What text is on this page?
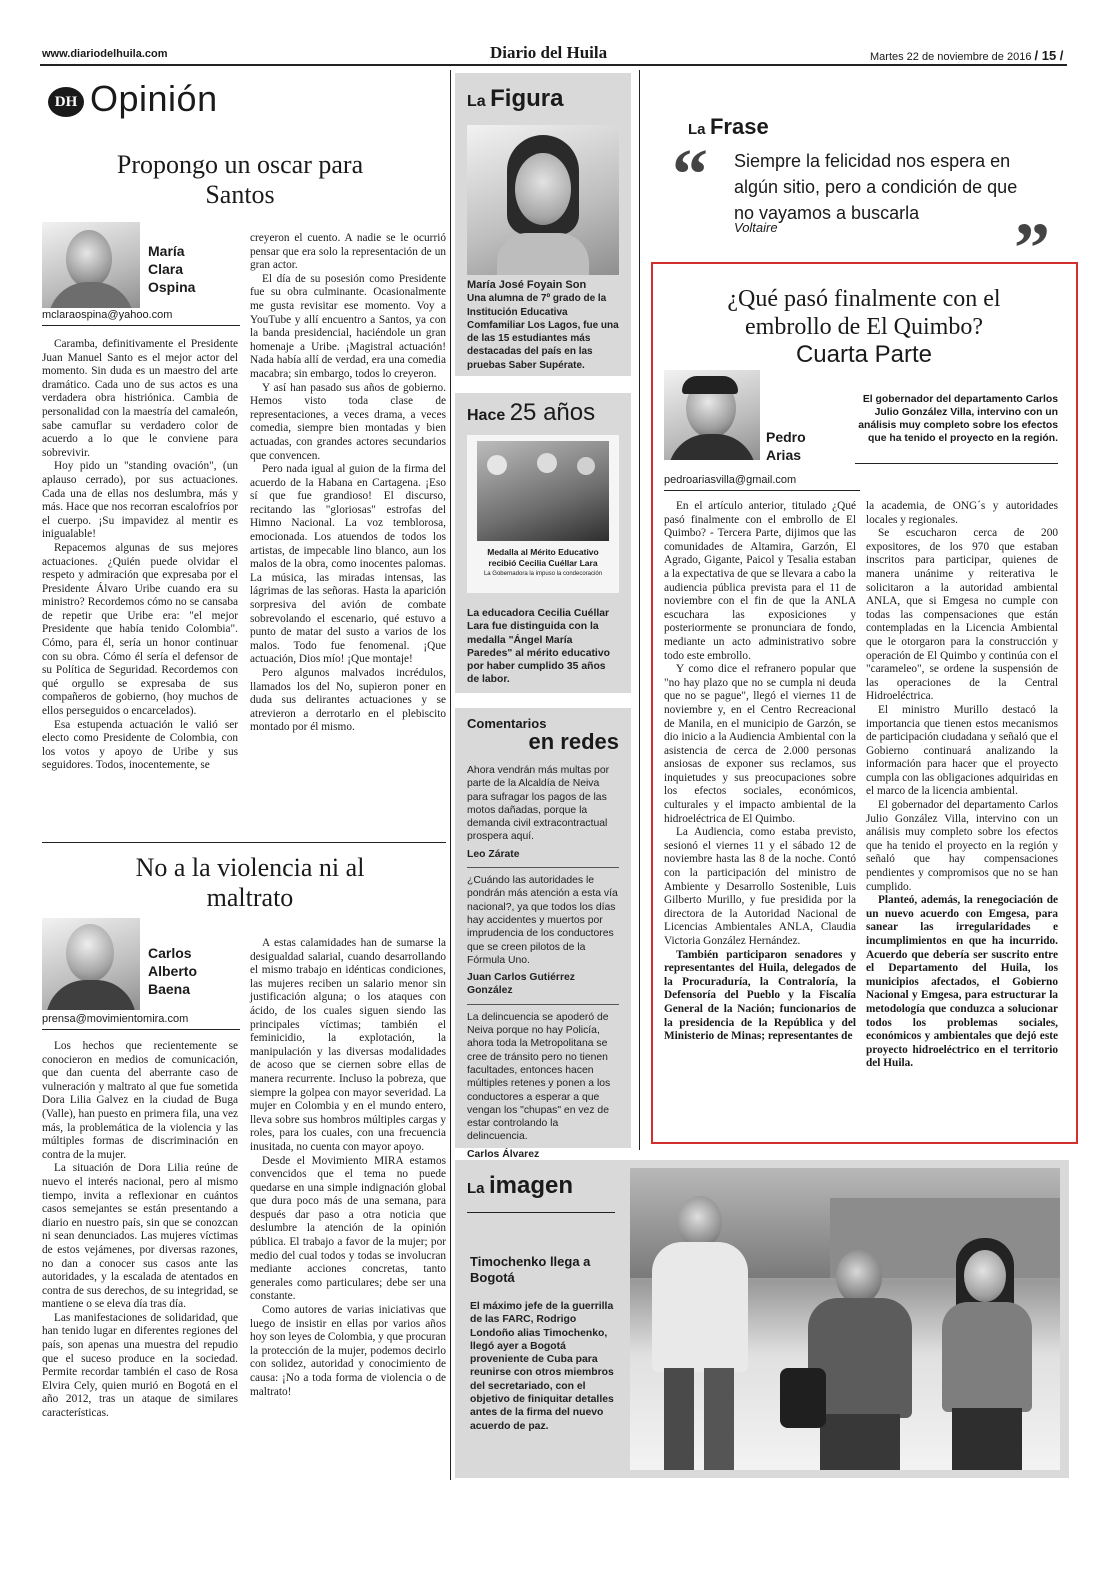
www.diariodelhuila.com	Diario del Huila	Martes 22 de noviembre de 2016 / 15 /
DH Opinión
Propongo un oscar para Santos
María
Clara
Ospina
mclaraospina@yahoo.com

Caramba, definitivamente el Presidente Juan Manuel Santo es el mejor actor del momento. Sin duda es un maestro del arte dramático. Cada uno de sus actos es una verdadera obra histriónica. Cambia de personalidad con la maestría del camaleón, sabe camuflar su verdadero color de acuerdo a lo que le conviene para sobrevivir.

Hoy pido un "standing ovación", (un aplauso cerrado), por sus actuaciones. Cada una de ellas nos deslumbra, más y más. Hace que nos recorran escalofríos por el cuerpo. ¡Su impavidez al mentir es inigualable!

Repacemos algunas de sus mejores actuaciones. ¿Quién puede olvidar el respeto y admiración que expresaba por el Presidente Álvaro Uribe cuando era su ministro? Recordemos cómo no se cansaba de repetir que Uribe era: "el mejor Presidente que había tenido Colombia". Cómo, para él, sería un honor continuar con su obra. Cómo él sería el defensor de su Política de Seguridad. Recordemos con qué orgullo se expresaba de sus compañeros de gobierno, (hoy muchos de ellos perseguidos o encarcelados).

Esa estupenda actuación le valió ser electo como Presidente de Colombia, con los votos y apoyo de Uribe y sus seguidores. Todos, inocentemente, se

creyeron el cuento. A nadie se le ocurrió pensar que era solo la representación de un gran actor.

El día de su posesión como Presidente fue su obra culminante. Ocasionalmente me gusta revisitar ese momento. Voy a YouTube y allí encuentro a Santos, ya con la banda presidencial, haciéndole un gran homenaje a Uribe. ¡Magistral actuación! Nada había allí de verdad, era una comedia macabra; sin embargo, todos lo creyeron.

Y así han pasado sus años de gobierno. Hemos visto toda clase de representaciones, a veces drama, a veces comedia, siempre bien montadas y bien actuadas, con grandes actores secundarios que convencen.

Pero nada igual al guion de la firma del acuerdo de la Habana en Cartagena. ¡Eso sí que fue grandioso! El discurso, recitando las "gloriosas" estrofas del Himno Nacional. La voz temblorosa, emocionada. Los atuendos de todos los artistas, de impecable lino blanco, aun los malos de la obra, como inocentes palomas. La música, las miradas intensas, las lágrimas de las señoras. Hasta la aparición sorpresiva del avión de combate sobrevolando el escenario, qué estuvo a punto de matar del susto a varios de los malos. Todo fue fenomenal. ¡Que actuación, Dios mío! ¡Que montaje!

Pero algunos malvados incrédulos, llamados los del No, supieron poner en duda sus delirantes actuaciones y se atrevieron a derrotarlo en el plebiscito montado por él mismo.

No a la violencia ni al maltrato
Carlos
Alberto
Baena
prensa@movimientomira.com

Los hechos que recientemente se conocieron en medios de comunicación, que dan cuenta del aberrante caso de vulneración y maltrato al que fue sometida Dora Lilia Galvez en la ciudad de Buga (Valle), han puesto en primera fila, una vez más, la problemática de la violencia y las múltiples formas de discriminación en contra de la mujer.

La situación de Dora Lilia reúne de nuevo el interés nacional, pero al mismo tiempo, invita a reflexionar en cuántos casos semejantes se están presentando a diario en nuestro país, sin que se conozcan ni sean denunciados. Las mujeres víctimas de estos vejámenes, por diversas razones, no dan a conocer sus casos ante las autoridades, y la escalada de atentados en contra de sus derechos, de su integridad, se mantiene o se eleva día tras día.

Las manifestaciones de solidaridad, que han tenido lugar en diferentes regiones del país, son apenas una muestra del repudio que el suceso produce en la sociedad. Permite recordar también el caso de Rosa Elvira Cely, quien murió en Bogotá en el año 2012, tras un ataque de similares características.

A estas calamidades han de sumarse la desigualdad salarial, cuando desarrollando el mismo trabajo en idénticas condiciones, las mujeres reciben un salario menor sin justificación alguna; o los ataques con ácido, de los cuales siguen siendo las principales víctimas; también el feminicidio, la explotación, la manipulación y las diversas modalidades de acoso que se ciernen sobre ellas de manera recurrente. Incluso la pobreza, que siempre la golpea con mayor severidad. La mujer en Colombia y en el mundo entero, lleva sobre sus hombros múltiples cargas y roles, para los cuales, con una frecuencia inusitada, no cuenta con mayor apoyo.

Desde el Movimiento MIRA estamos convencidos que el tema no puede quedarse en una simple indignación global que dura poco más de una semana, para después dar paso a otra noticia que deslumbre la atención de la opinión pública. El trabajo a favor de la mujer; por medio del cual todos y todas se involucran mediante acciones concretas, tanto generales como particulares; debe ser una constante.

Como autores de varias iniciativas que luego de insistir en ellas por varios años hoy son leyes de Colombia, y que procuran la protección de la mujer, podemos decirlo con solidez, autoridad y conocimiento de causa: ¡No a toda forma de violencia o de maltrato!

La Figura
María José Foyain Son
Una alumna de 7º grado de la Institución Educativa Comfamiliar Los Lagos, fue una de las 15 estudiantes más destacadas del país en las pruebas Saber Supérate.
Hace 25 años
Medalla al Mérito Educativo
recibió Cecilia Cuéllar Lara
La Gobernadora la impuso la condecoración
La educadora Cecilia Cuéllar Lara fue distinguida con la medalla "Ángel María Paredes" al mérito educativo por haber cumplido 35 años de labor.
Comentarios
en redes

Ahora vendrán más multas por parte de la Alcaldía de Neiva para sufragar los pagos de las motos dañadas, porque la demanda civil extracontractual prospera aquí.

Leo Zárate

¿Cuándo las autoridades le pondrán más atención a esta vía nacional?, ya que todos los días hay accidentes y muertos por imprudencia de los conductores que se creen pilotos de la Fórmula Uno.

Juan Carlos Gutiérrez González

La delincuencia se apoderó de Neiva porque no hay Policía, ahora toda la Metropolitana se cree de tránsito pero no tienen facultades, entonces hacen múltiples retenes y ponen a los conductores a esperar a que vengan los "chupas" en vez de estar controlando la delincuencia.

Carlos Álvarez

La Frase
“ Siempre la felicidad nos espera en algún sitio, pero a condición de que no vayamos a buscarla
Voltaire	”
¿Qué pasó finalmente con el
embrollo de El Quimbo?
Cuarta Parte
Pedro
Arias
El gobernador del departamento Carlos Julio González Villa, intervino con un análisis muy completo sobre los efectos que ha tenido el proyecto en la región.
pedroariasvilla@gmail.com

En el artículo anterior, titulado ¿Qué pasó finalmente con el embrollo de El Quimbo? - Tercera Parte, dijimos que las comunidades de Altamira, Garzón, El Agrado, Gigante, Paicol y Tesalia estaban a la expectativa de que se llevara a cabo la audiencia pública prevista para el 11 de noviembre con el fin de que la ANLA escuchara las exposiciones y posteriormente se pronunciara de fondo, mediante un acto administrativo sobre todo este embrollo.

Y como dice el refranero popular que "no hay plazo que no se cumpla ni deuda que no se pague", llegó el viernes 11 de noviembre y, en el Centro Recreacional de Manila, en el municipio de Garzón, se dio inicio a la Audiencia Ambiental con la asistencia de cerca de 2.000 personas ansiosas de exponer sus reclamos, sus inquietudes y sus preocupaciones sobre los efectos sociales, económicos, culturales y el impacto ambiental de la hidroeléctrica de El Quimbo.

La Audiencia, como estaba previsto, sesionó el viernes 11 y el sábado 12 de noviembre hasta las 8 de la noche. Contó con la participación del ministro de Ambiente y Desarrollo Sostenible, Luis Gilberto Murillo, y fue presidida por la directora de la Autoridad Nacional de Licencias Ambientales ANLA, Claudia Victoria González Hernández.

También participaron senadores y representantes del Huila, delegados de la Procuraduría, la Contraloría, la Defensoría del Pueblo y la Fiscalía General de la Nación; funcionarios de la presidencia de la República y del Ministerio de Minas; representantes de

la academia, de ONG´s y autoridades locales y regionales.

Se escucharon cerca de 200 expositores, de los 970 que estaban inscritos para participar, quienes de manera unánime y reiterativa le solicitaron a la autoridad ambiental ANLA, que si Emgesa no cumple con todas las compensaciones que están contempladas en la Licencia Ambiental que le otorgaron para la construcción y operación de El Quimbo y continúa con el "carameleo", se ordene la suspensión de las operaciones de la Central Hidroeléctrica.

El ministro Murillo destacó la importancia que tienen estos mecanismos de participación ciudadana y señaló que el Gobierno continuará analizando la información para hacer que el proyecto cumpla con las obligaciones adquiridas en el marco de la licencia ambiental.

El gobernador del departamento Carlos Julio González Villa, intervino con un análisis muy completo sobre los efectos que ha tenido el proyecto en la región y señaló que hay compensaciones pendientes y compromisos que no se han cumplido.

Planteó, además, la renegociación de un nuevo acuerdo con Emgesa, para sanear las irregularidades e incumplimientos en que ha incurrido. Acuerdo que debería ser suscrito entre el Departamento del Huila, los municipios afectados, el Gobierno Nacional y Emgesa, para estructurar la metodología que conduzca a solucionar todos los problemas sociales, económicos y ambientales que dejó este proyecto hidroeléctrico en el territorio del Huila.

La imagen
Timochenko llega a Bogotá
El máximo jefe de la guerrilla de las FARC, Rodrigo Londoño alias Timochenko, llegó ayer a Bogotá proveniente de Cuba para reunirse con otros miembros del secretariado, con el objetivo de finiquitar detalles antes de la firma del nuevo acuerdo de paz.
